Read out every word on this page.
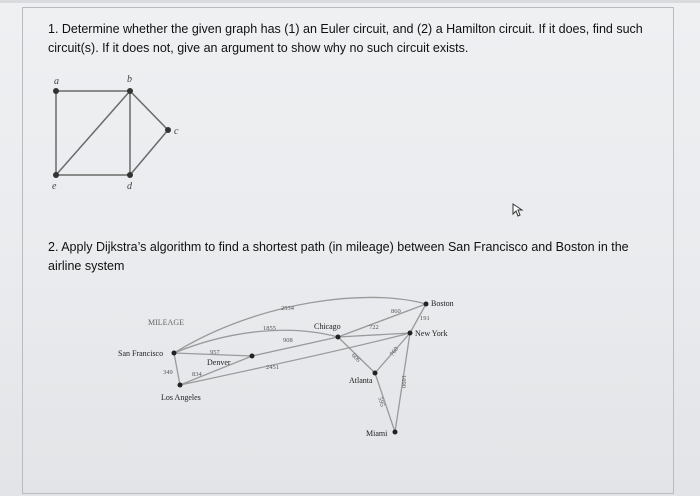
1. Determine whether the given graph has (1) an Euler circuit, and (2) a Hamilton circuit. If it does, find such circuit(s). If it does not, give an argument to show why no such circuit exists.
a	b
c
d
e
MILEAGE
Boston
New York
Chicago
San Francisco
Denver
Los Angeles
Atlanta
Miami
2534	860
191
1855
908
722
957
349	834
2451
606
760
595
1090
2. Apply Dijkstra’s algorithm to find a shortest path (in mileage) between San Francisco and Boston in the airline system
